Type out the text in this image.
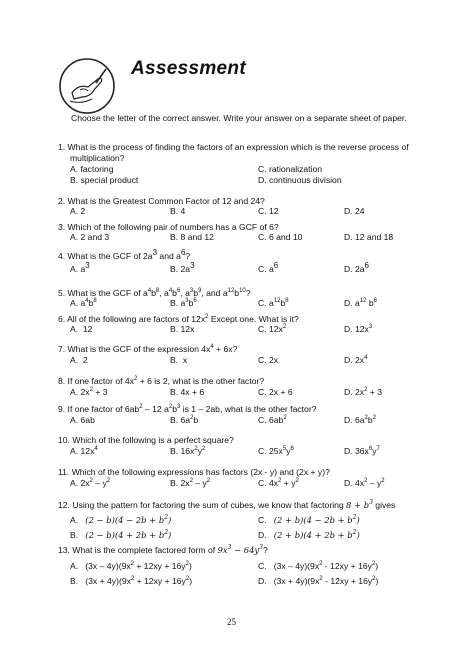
Assessment
Choose the letter of the correct answer. Write your answer on a separate sheet of paper.
1. What is the process of finding the factors of an expression which is the reverse process of multiplication?
A. factoring	C. rationalization
B. special product	D. continuous division
2. What is the Greatest Common Factor of 12 and 24?
A. 2	B. 4	C. 12	D. 24
3. Which of the following pair of numbers has a GCF of 6?
A. 2 and 3	B. 8 and 12	C. 6 and 10	D. 12 and 18
4. What is the GCF of $2a^3$ and $a^6$?
A. $a^3$	B. $2a^3$	C. $a^6$	D. $2a^6$
5. What is the GCF of $a^4b^8$, $a^4b^6$, $a^3b^9$, and $a^{12}b^{10}$?
A. $a^4b^8$	B. $a^3b^6$	C. $a^{12}b^8$	D. $a^{12}$ $b^6$
6. All of the following are factors of $12x^2$ Except one. What is it?
A.  12	B. 12x	C. $12x^2$	D. $12x^3$
7. What is the GCF of the expression $4x^4 + 6x$?
A.  2	B.  x	C. 2x	D. $2x^4$
8. If one factor of $4x^2 + 6$ is 2, what is the other factor?
A. $2x^2 + 3$	B. 4x + 6	C. 2x + 6	D. $2x^2 + 3$
9. If one factor of $6ab^2 - 12$ $a^2b^3$ is 1 – 2ab, what is the other factor?
A. 6ab	B. $6a^2b$	C. $6ab^2$	D. $6a^2b^2$
10. Which of the following is a perfect square?
A. $12x^4$	B. $16x^2y^2$	C. $25x^5y^6$	D. $36x^6y^7$
11. Which of the following expressions has factors (2x - y) and (2x + y)?
A. $2x^2 - y^2$	B. $2x^2 - y^2$	C. $4x^2 + y^2$	D. $4x^2 - y^2$
12. Using the pattern for factoring the sum of cubes, we know that factoring $8 + b^3$ gives
A.   $(2 - b)(4 - 2b + b^2)$	C.   $(2 + b)(4 - 2b + b^2)$
B.   $(2 - b)(4 + 2b + b^2)$	D.   $(2 + b)(4 + 2b + b^2)$
13. What is the complete factored form of $9x^3 - 64y^3$?
A.   $(3x - 4y)(9x^2 + 12xy + 16y^2)$	C.   $(3x - 4y)(9x^2 - 12xy + 16y^2)$
B.   $(3x + 4y)(9x^2 + 12xy + 16y^2)$	D.   $(3x + 4y)(9x^2 - 12xy + 16y^2)$
25
